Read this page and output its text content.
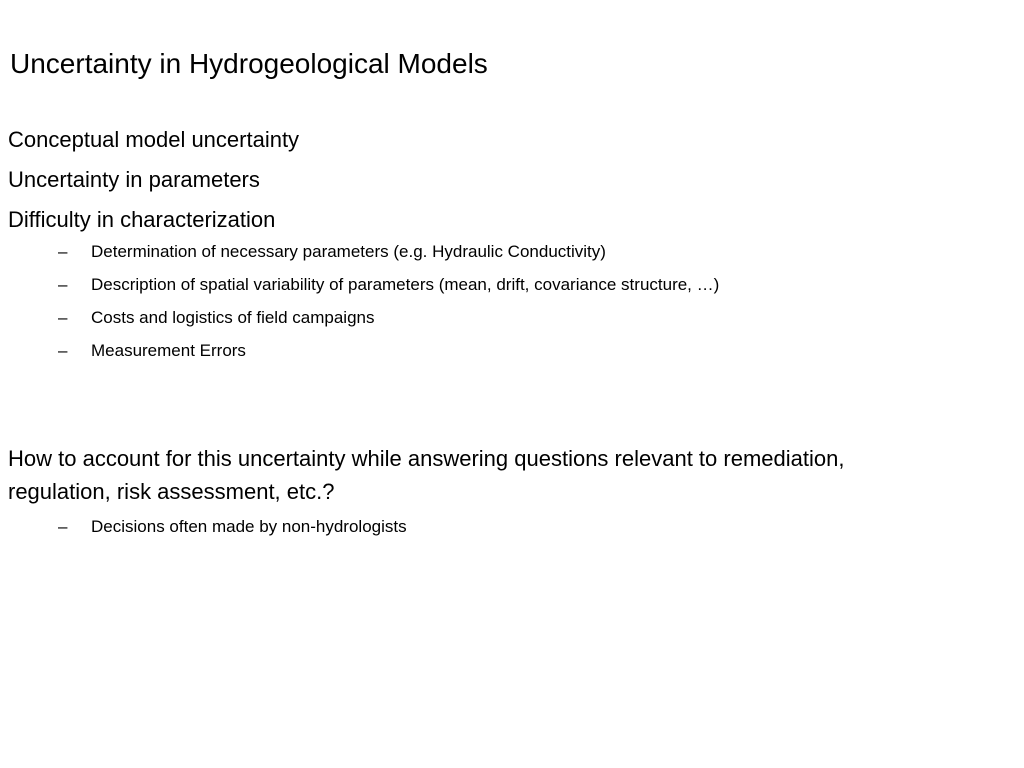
Uncertainty in Hydrogeological Models
Conceptual model uncertainty
Uncertainty in parameters
Difficulty in characterization
– Determination of necessary parameters (e.g. Hydraulic Conductivity)
– Description of spatial variability of parameters (mean, drift, covariance structure, …)
– Costs and logistics of field campaigns
– Measurement Errors
How to account for this uncertainty while answering questions relevant to remediation, regulation, risk assessment, etc.?
– Decisions often made by non-hydrologists
